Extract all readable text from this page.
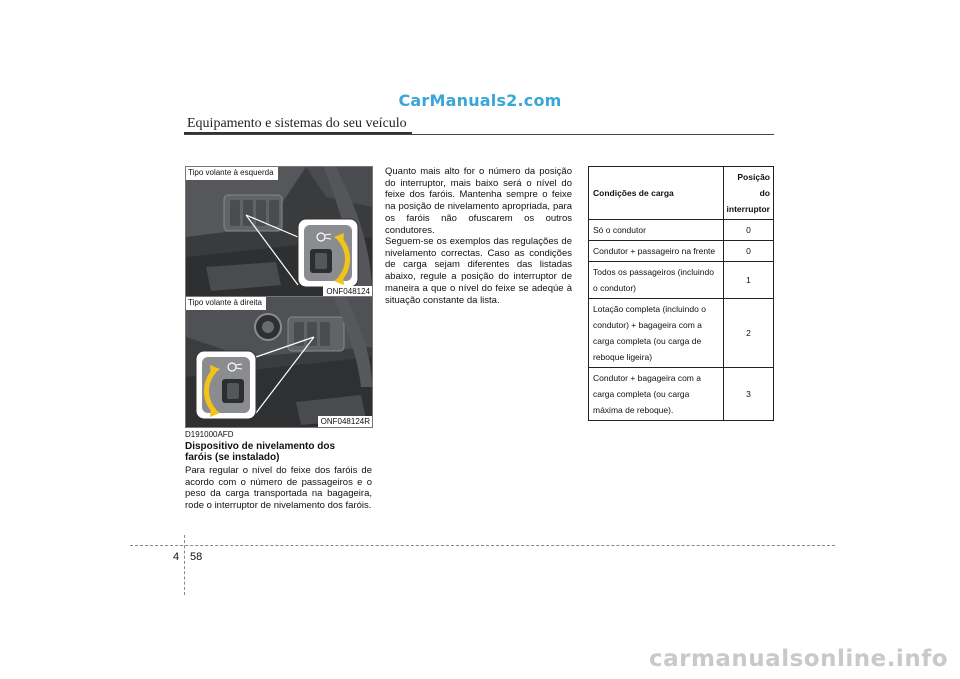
CarManuals2.com
Equipamento e sistemas do seu veículo
Tipo volante à esquerda
ONF048124
Tipo volante à direita
ONF048124R
D191000AFD
Dispositivo de nivelamento dos faróis (se instalado)
Para regular o nível do feixe dos faróis de acordo com o número de passageiros e o peso da carga transportada na bagageira, rode o interruptor de nivelamento dos faróis.
Quanto mais alto for o número da posição do interruptor, mais baixo será o nível do feixe dos faróis. Mantenha sempre o feixe na posição de nivelamento apropriada, para os faróis não ofuscarem os outros condutores.
Seguem-se os exemplos das regulações de nivelamento correctas. Caso as condições de carga sejam diferentes das listadas abaixo, regule a posição do interruptor de maneira a que o nível do feixe se adeqúe à situação constante da lista.
Condições de carga	Posição do interruptor
Só o condutor	0
Condutor + passageiro na frente	0
Todos os passageiros (incluindo o condutor)	1
Lotação completa (incluindo o condutor) + bagageira com a carga completa (ou carga de reboque ligeira)	2
Condutor + bagageira com a carga completa (ou carga máxima de reboque).	3
4 58
carmanualsonline.info
